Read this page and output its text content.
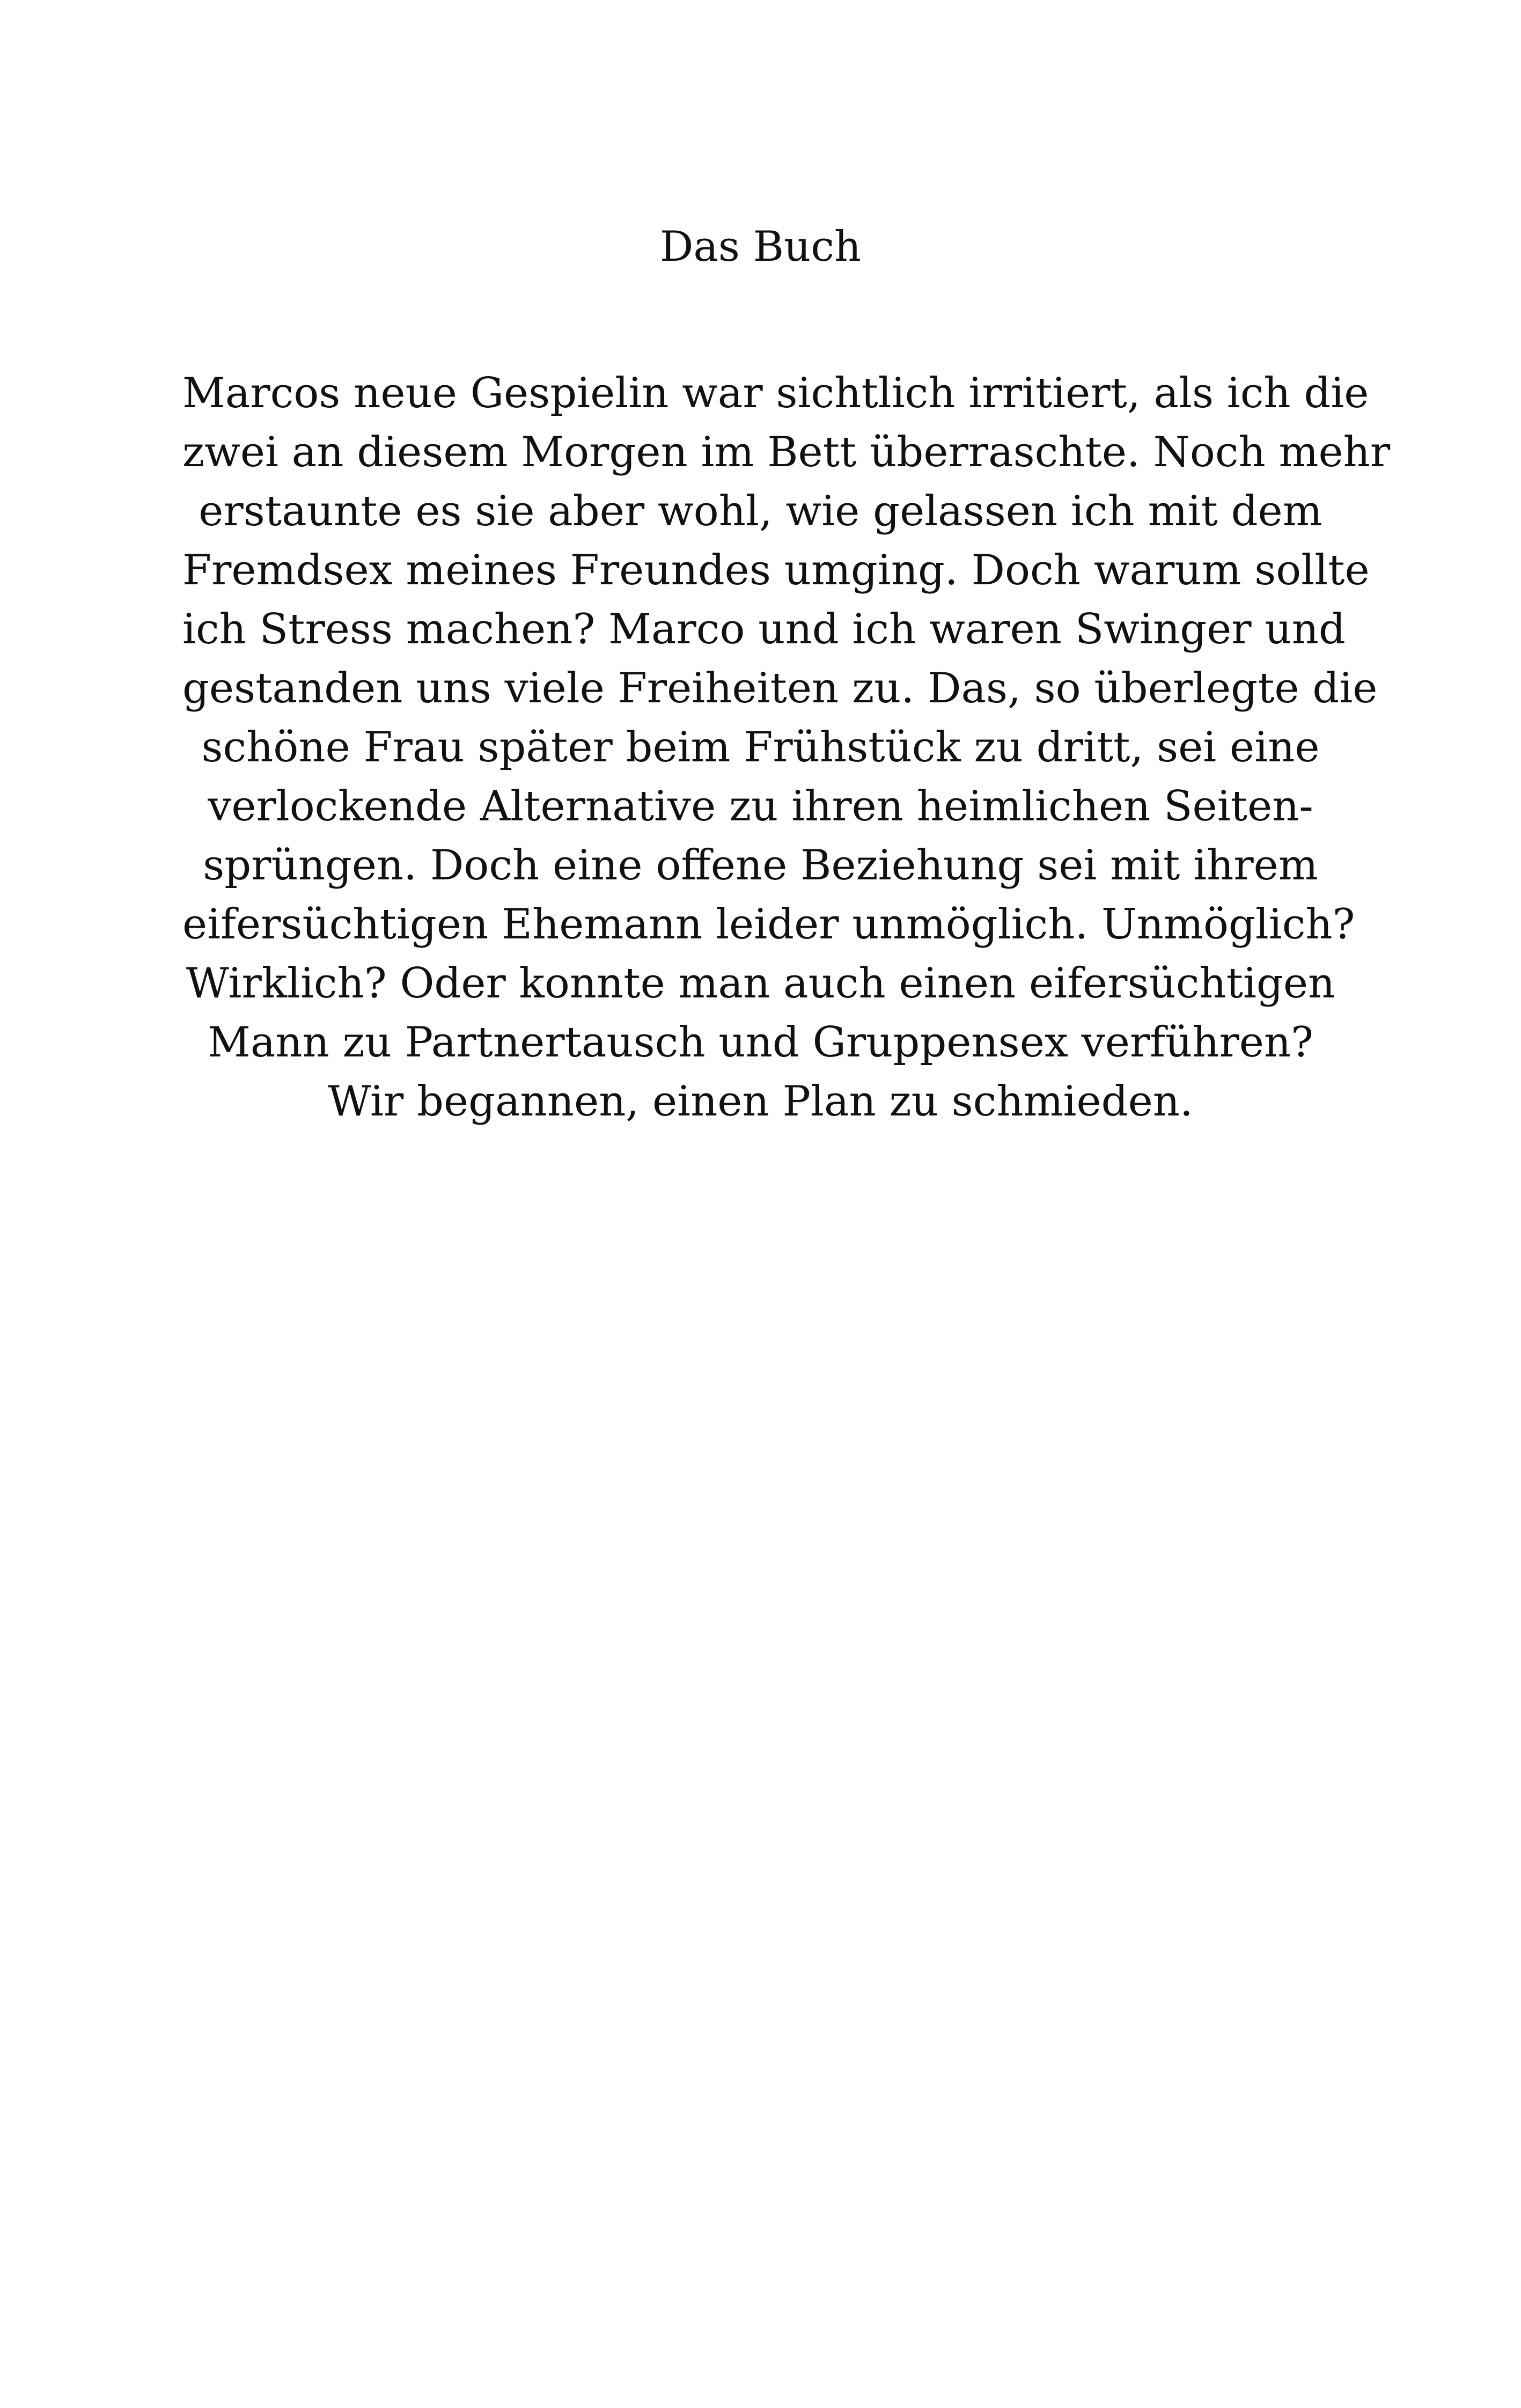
Das Buch
Marcos neue Gespielin war sichtlich irritiert, als ich die
zwei an diesem Morgen im Bett überraschte. Noch mehr
erstaunte es sie aber wohl, wie gelassen ich mit dem
Fremdsex meines Freundes umging. Doch warum sollte
ich Stress machen? Marco und ich waren Swinger und
gestanden uns viele Freiheiten zu. Das, so überlegte die
schöne Frau später beim Frühstück zu dritt, sei eine
verlockende Alternative zu ihren heimlichen Seiten-
sprüngen. Doch eine offene Beziehung sei mit ihrem
eifersüchtigen Ehemann leider unmöglich. Unmöglich?
Wirklich? Oder konnte man auch einen eifersüchtigen
Mann zu Partnertausch und Gruppensex verführen?
Wir begannen, einen Plan zu schmieden.
